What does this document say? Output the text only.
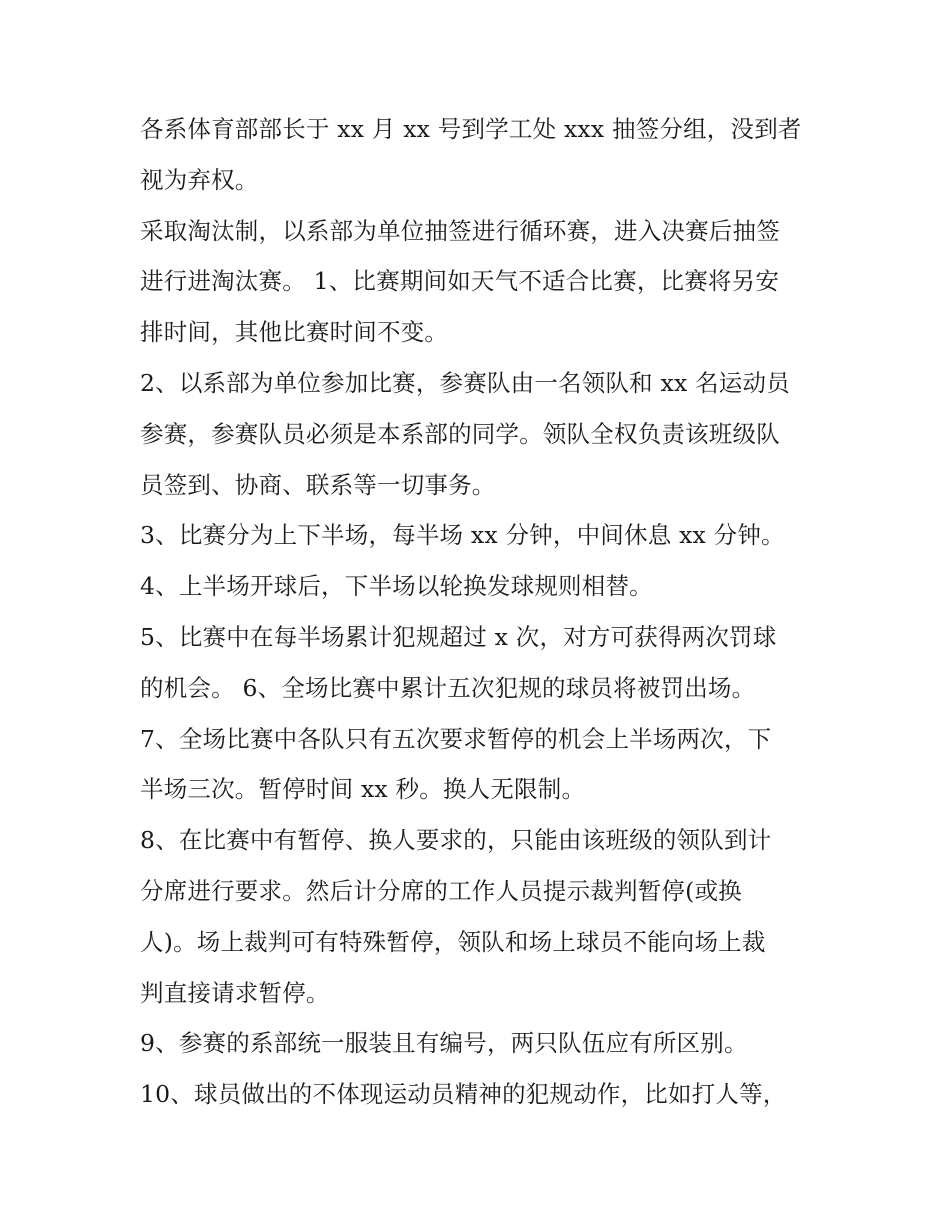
各系体育部部长于 xx 月 xx 号到学工处 xxx 抽签分组，没到者
视为弃权。

采取淘汰制，以系部为单位抽签进行循环赛，进入决赛后抽签
进行进淘汰赛。 1、比赛期间如天气不适合比赛，比赛将另安
排时间，其他比赛时间不变。

2、以系部为单位参加比赛，参赛队由一名领队和 xx 名运动员
参赛，参赛队员必须是本系部的同学。领队全权负责该班级队
员签到、协商、联系等一切事务。

3、比赛分为上下半场，每半场 xx 分钟，中间休息 xx 分钟。

4、上半场开球后，下半场以轮换发球规则相替。

5、比赛中在每半场累计犯规超过 x 次，对方可获得两次罚球
的机会。 6、全场比赛中累计五次犯规的球员将被罚出场。

7、全场比赛中各队只有五次要求暂停的机会上半场两次，下
半场三次。暂停时间 xx 秒。换人无限制。

8、在比赛中有暂停、换人要求的，只能由该班级的领队到计
分席进行要求。然后计分席的工作人员提示裁判暂停(或换
人)。场上裁判可有特殊暂停，领队和场上球员不能向场上裁
判直接请求暂停。

9、参赛的系部统一服装且有编号，两只队伍应有所区别。

10、球员做出的不体现运动员精神的犯规动作，比如打人等，
